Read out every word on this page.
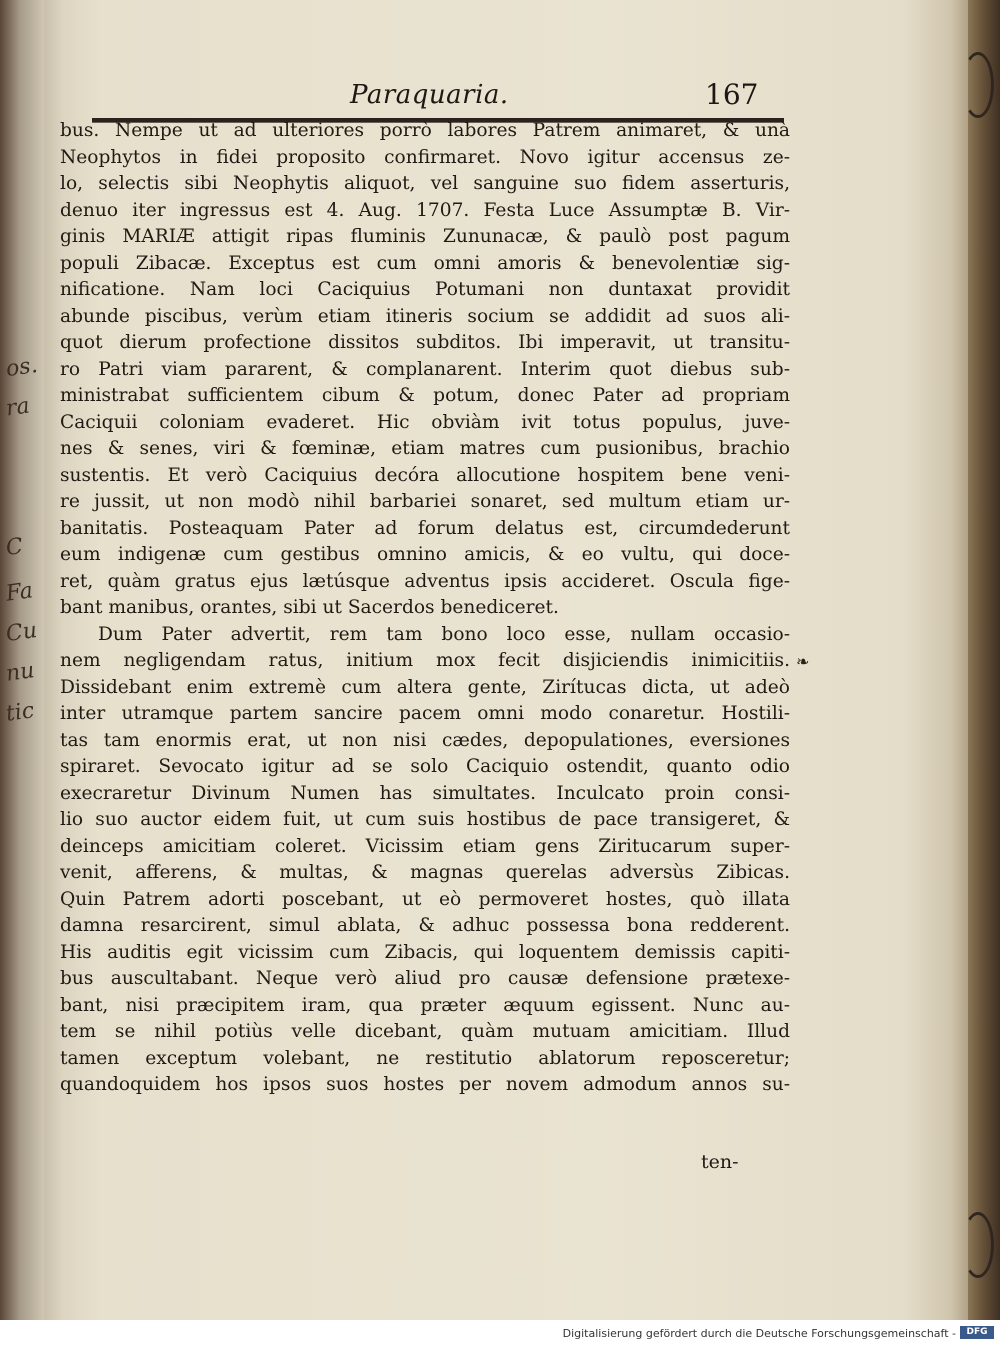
os.
ra
C
Fa
Cu
nu
tic
Paraquaria.	167
bus. Nempe ut ad ulteriores porrò labores Patrem animaret, & unà
Neophytos in fidei proposito confirmaret. Novo igitur accensus ze-
lo, selectis sibi Neophytis aliquot, vel sanguine suo fidem asserturis,
denuo iter ingressus est 4. Aug. 1707. Festa Luce Assumptæ B. Vir-
ginis MARIÆ attigit ripas fluminis Zununacæ, & paulò post pagum
populi Zibacæ. Exceptus est cum omni amoris & benevolentiæ sig-
nificatione. Nam loci Caciquius Potumani non duntaxat providit
abunde piscibus, verùm etiam itineris socium se addidit ad suos ali-
quot dierum profectione dissitos subditos. Ibi imperavit, ut transitu-
ro Patri viam pararent, & complanarent. Interim quot diebus sub-
ministrabat sufficientem cibum & potum, donec Pater ad propriam
Caciquii coloniam evaderet. Hic obviàm ivit totus populus, juve-
nes & senes, viri & fœminæ, etiam matres cum pusionibus, brachio
sustentis. Et verò Caciquius decóra allocutione hospitem bene veni-
re jussit, ut non modò nihil barbariei sonaret, sed multum etiam ur-
banitatis. Posteaquam Pater ad forum delatus est, circumdederunt
eum indigenæ cum gestibus omnino amicis, & eo vultu, qui doce-
ret, quàm gratus ejus lætúsque adventus ipsis accideret. Oscula fige-
bant manibus, orantes, sibi ut Sacerdos benediceret.
Dum Pater advertit, rem tam bono loco esse, nullam occasio-
nem negligendam ratus, initium mox fecit disjiciendis inimicitiis.
Dissidebant enim extremè cum altera gente, Zirítucas dicta, ut adeò
inter utramque partem sancire pacem omni modo conaretur. Hostili-
tas tam enormis erat, ut non nisi cædes, depopulationes, eversiones
spiraret. Sevocato igitur ad se solo Caciquio ostendit, quanto odio
execraretur Divinum Numen has simultates. Inculcato proin consi-
lio suo auctor eidem fuit, ut cum suis hostibus de pace transigeret, &
deinceps amicitiam coleret. Vicissim etiam gens Ziritucarum super-
venit, afferens, & multas, & magnas querelas adversùs Zibicas.
Quin Patrem adorti poscebant, ut eò permoveret hostes, quò illata
damna resarcirent, simul ablata, & adhuc possessa bona redderent.
His auditis egit vicissim cum Zibacis, qui loquentem demissis capiti-
bus auscultabant. Neque verò aliud pro causæ defensione prætexe-
bant, nisi præcipitem iram, qua præter æquum egissent. Nunc au-
tem se nihil potiùs velle dicebant, quàm mutuam amicitiam. Illud
tamen exceptum volebant, ne restitutio ablatorum reposceretur;
quandoquidem hos ipsos suos hostes per novem admodum annos su-
❧
ten-
Digitalisierung gefördert durch die Deutsche Forschungsgemeinschaft -	DFG
